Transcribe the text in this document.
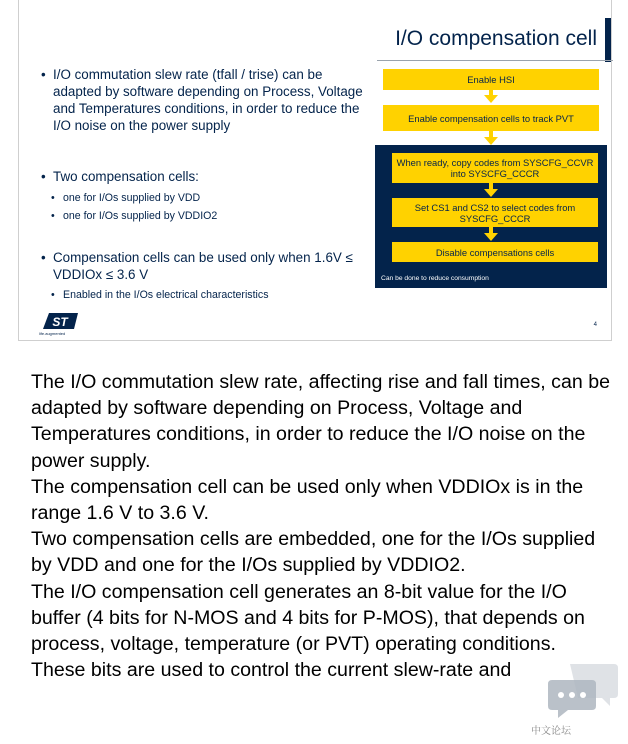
I/O compensation cell
• I/O commutation slew rate (tfall / trise) can be adapted by software depending on Process, Voltage and Temperatures conditions, in order to reduce the I/O noise on the power supply
• Two compensation cells:
• one for I/Os supplied by VDD
• one for I/Os supplied by VDDIO2
• Compensation cells can be used only when 1.6V ≤ VDDIOx ≤ 3.6 V
• Enabled in the I/Os electrical characteristics
Enable HSI
Enable compensation cells to track PVT
When ready, copy codes from SYSCFG_CCVR into SYSCFG_CCCR
Set CS1 and CS2 to select codes from SYSCFG_CCCR
Disable compensations cells
Can be done to reduce consumption
ST
life.augmented
4

The I/O commutation slew rate, affecting rise and fall times, can be adapted by software depending on Process, Voltage and Temperatures conditions, in order to reduce the I/O noise on the power supply.

The compensation cell can be used only when VDDIOx is in the range 1.6 V to 3.6 V.

Two compensation cells are embedded, one for the I/Os supplied by VDD and one for the I/Os supplied by VDDIO2.

The I/O compensation cell generates an 8-bit value for the I/O buffer (4 bits for N-MOS and 4 bits for P-MOS), that depends on process, voltage, temperature (or PVT) operating conditions.

These bits are used to control the current slew-rate and

中文论坛
